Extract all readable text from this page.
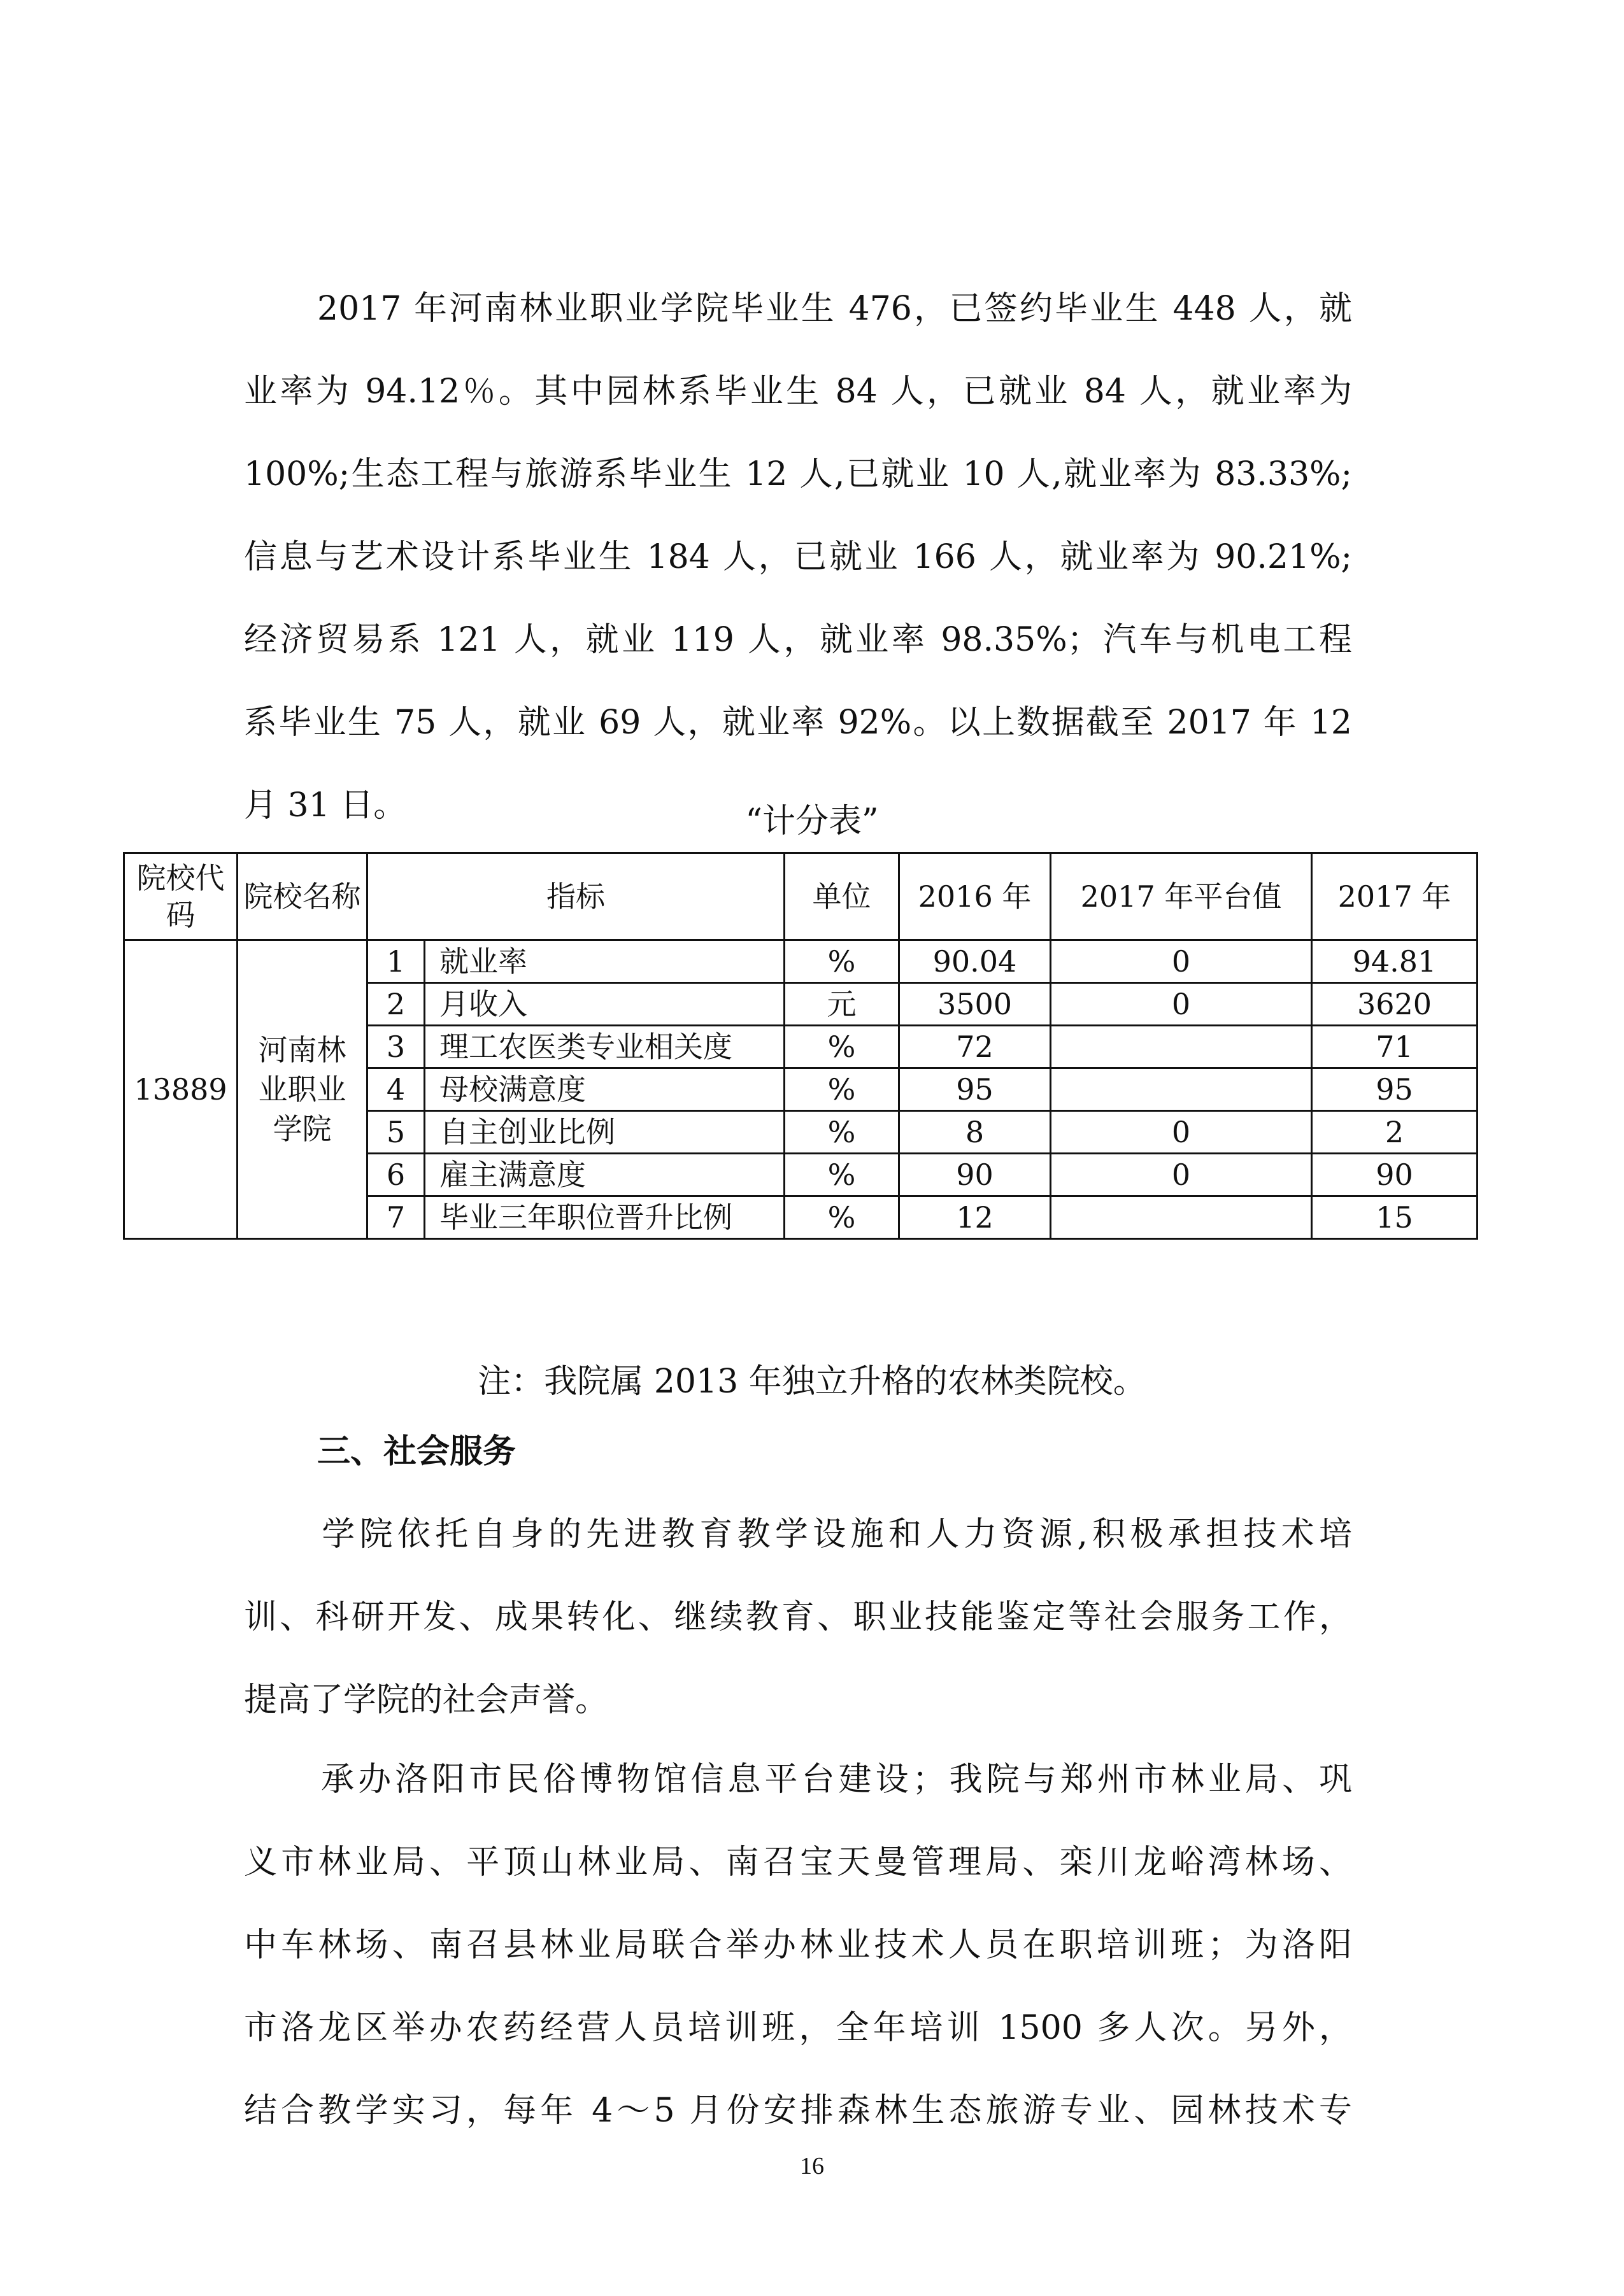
2017 年河南林业职业学院毕业生 476，已签约毕业生 448 人，就
业率为 94.12％。其中园林系毕业生 84 人，已就业 84 人，就业率为
100%;生态工程与旅游系毕业生 12 人,已就业 10 人,就业率为 83.33%;
信息与艺术设计系毕业生 184 人，已就业 166 人，就业率为 90.21%;
经济贸易系 121 人，就业 119 人，就业率 98.35%；汽车与机电工程
系毕业生 75 人，就业 69 人，就业率 92%。以上数据截至 2017 年 12
月 31 日。	“计分表”
院校代码	院校名称	指标		单位	2016 年	2017 年平台值	2017 年
13889	河南林业职业学院	1	就业率	%	90.04	0	94.81
		2	月收入	元	3500	0	3620
		3	理工农医类专业相关度	%	72		71
		4	母校满意度	%	95		95
		5	自主创业比例	%	8	0	2
		6	雇主满意度	%	90	0	90
		7	毕业三年职位晋升比例	%	12		15
注：我院属 2013 年独立升格的农林类院校。
三、社会服务
学院依托自身的先进教育教学设施和人力资源,积极承担技术培
训、科研开发、成果转化、继续教育、职业技能鉴定等社会服务工作，
提高了学院的社会声誉。
承办洛阳市民俗博物馆信息平台建设；我院与郑州市林业局、巩
义市林业局、平顶山林业局、南召宝天曼管理局、栾川龙峪湾林场、
中车林场、南召县林业局联合举办林业技术人员在职培训班；为洛阳
市洛龙区举办农药经营人员培训班，全年培训 1500 多人次。另外，
结合教学实习，每年 4～5 月份安排森林生态旅游专业、园林技术专
16
